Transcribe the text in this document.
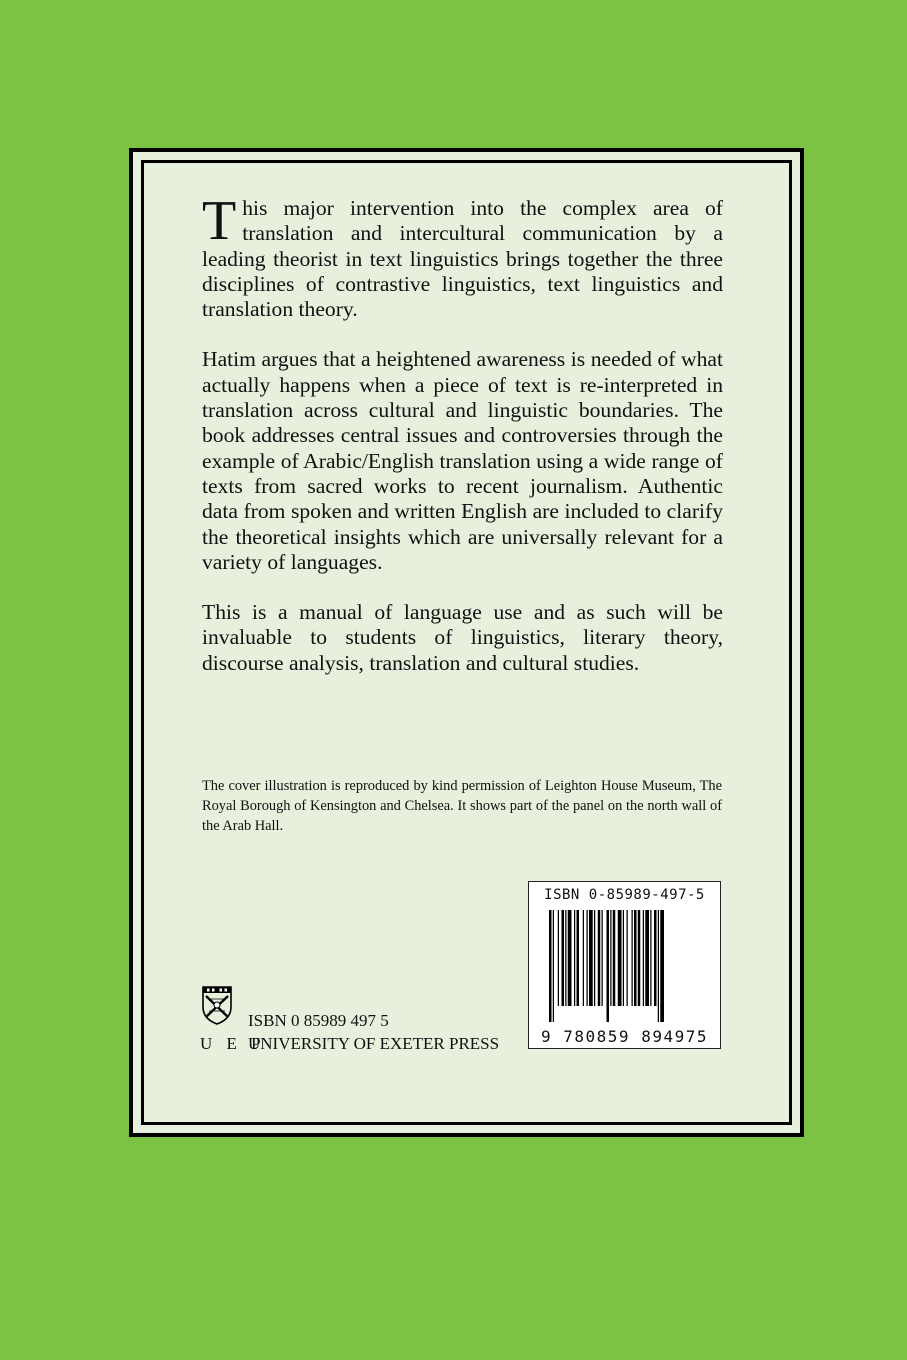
This major intervention into the complex area of translation and intercultural communication by a leading theorist in text linguistics brings together the three disciplines of contrastive linguistics, text linguistics and translation theory.

Hatim argues that a heightened awareness is needed of what actually happens when a piece of text is re-interpreted in translation across cultural and linguistic boundaries. The book addresses central issues and controversies through the example of Arabic/English translation using a wide range of texts from sacred works to recent journalism. Authentic data from spoken and written English are included to clarify the theoretical insights which are universally relevant for a variety of languages.

This is a manual of language use and as such will be invaluable to students of linguistics, literary theory, discourse analysis, translation and cultural studies.

The cover illustration is reproduced by kind permission of Leighton House Museum, The Royal Borough of Kensington and Chelsea. It shows part of the panel on the north wall of the Arab Hall.

ISBN 0-85989-497-5
9 780859 894975
ISBN 0 85989 497 5
U E P
UNIVERSITY OF EXETER PRESS
